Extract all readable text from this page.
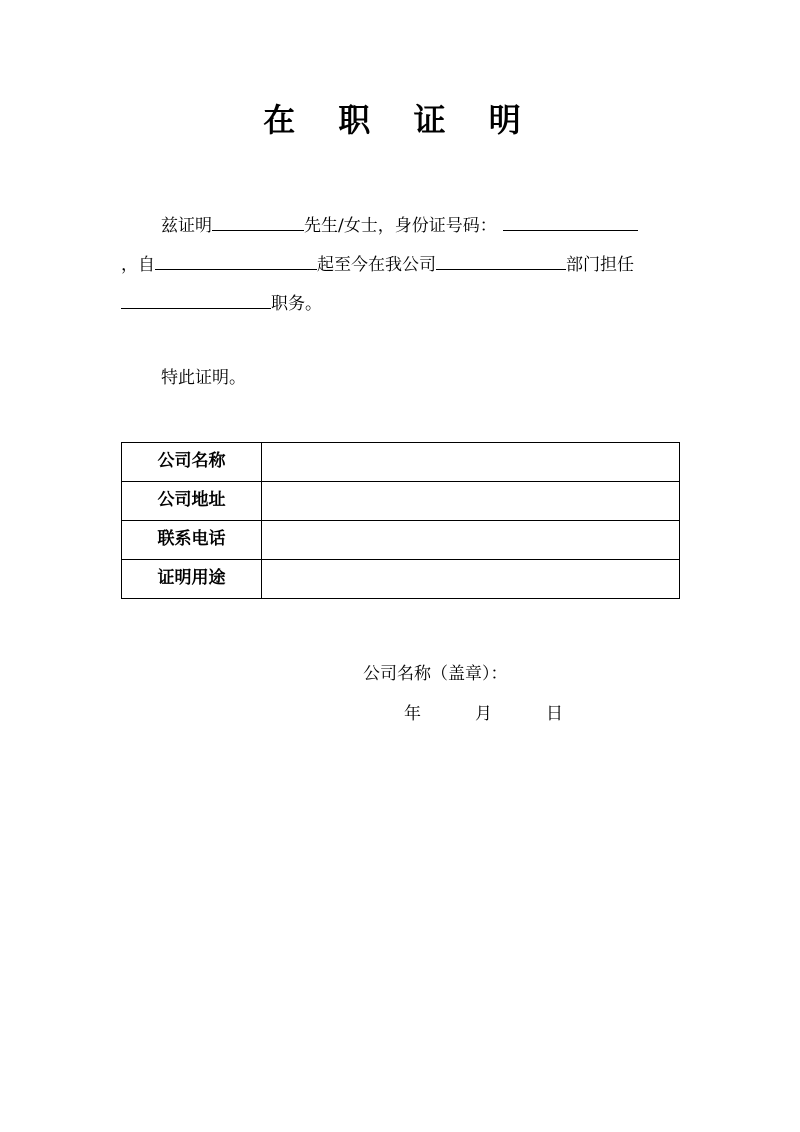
在 职 证 明
兹证明	先生/女士，身份证号码：
，自	起至今在我公司	部门担任
职务。
特此证明。
公司名称	
公司地址	
联系电话	
证明用途	
公司名称（盖章）：
年	月	日
